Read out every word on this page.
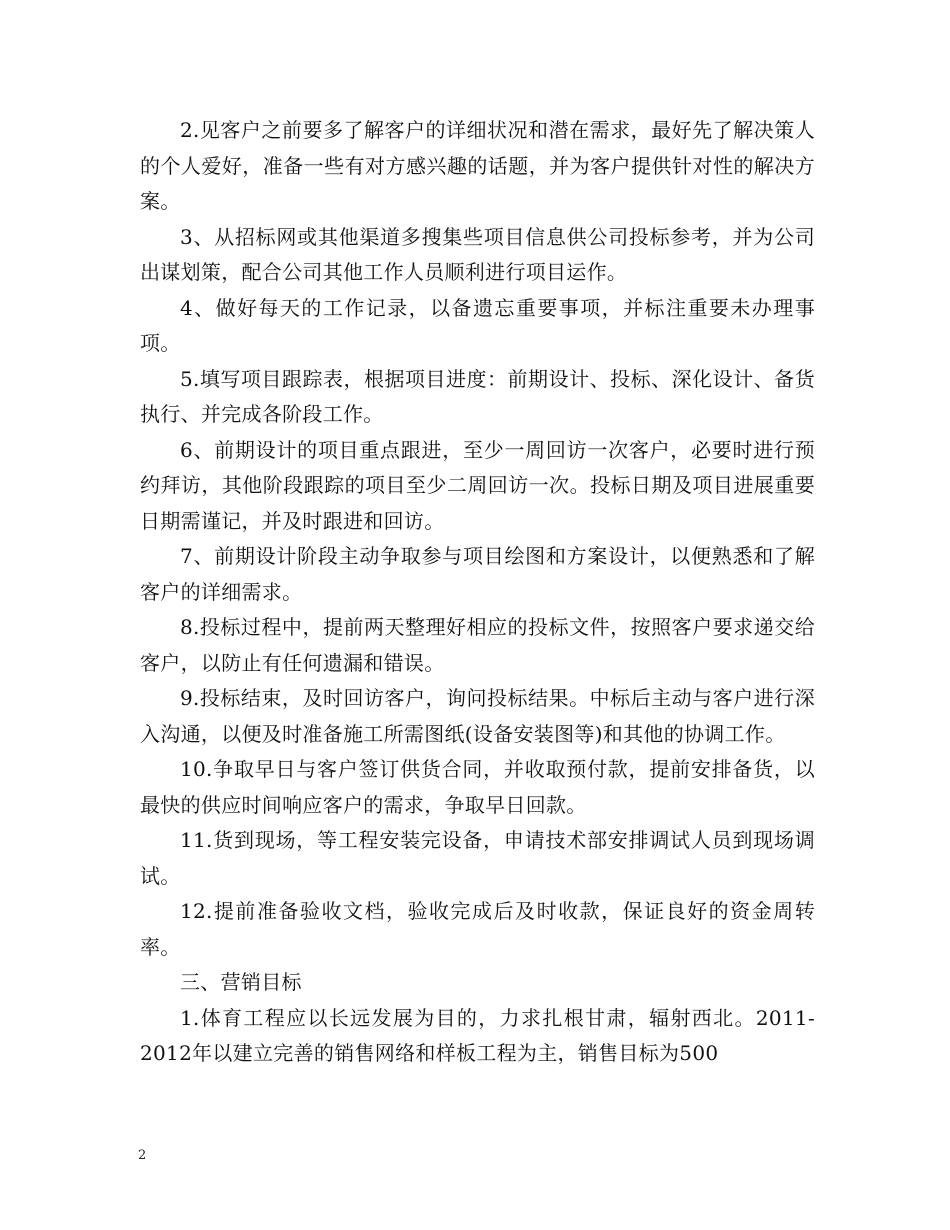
2.见客户之前要多了解客户的详细状况和潜在需求，最好先了解决策人的个人爱好，准备一些有对方感兴趣的话题，并为客户提供针对性的解决方案。

3、从招标网或其他渠道多搜集些项目信息供公司投标参考，并为公司出谋划策，配合公司其他工作人员顺利进行项目运作。

4、做好每天的工作记录，以备遗忘重要事项，并标注重要未办理事项。

5.填写项目跟踪表，根据项目进度：前期设计、投标、深化设计、备货执行、并完成各阶段工作。

6、前期设计的项目重点跟进，至少一周回访一次客户，必要时进行预约拜访，其他阶段跟踪的项目至少二周回访一次。投标日期及项目进展重要日期需谨记，并及时跟进和回访。

7、前期设计阶段主动争取参与项目绘图和方案设计，以便熟悉和了解客户的详细需求。

8.投标过程中，提前两天整理好相应的投标文件，按照客户要求递交给客户，以防止有任何遗漏和错误。

9.投标结束，及时回访客户，询问投标结果。中标后主动与客户进行深入沟通，以便及时准备施工所需图纸(设备安装图等)和其他的协调工作。

10.争取早日与客户签订供货合同，并收取预付款，提前安排备货，以最快的供应时间响应客户的需求，争取早日回款。

11.货到现场，等工程安装完设备，申请技术部安排调试人员到现场调试。

12.提前准备验收文档，验收完成后及时收款，保证良好的资金周转率。

三、营销目标

1.体育工程应以长远发展为目的，力求扎根甘肃，辐射西北。2011-2012年以建立完善的销售网络和样板工程为主，销售目标为500

2
